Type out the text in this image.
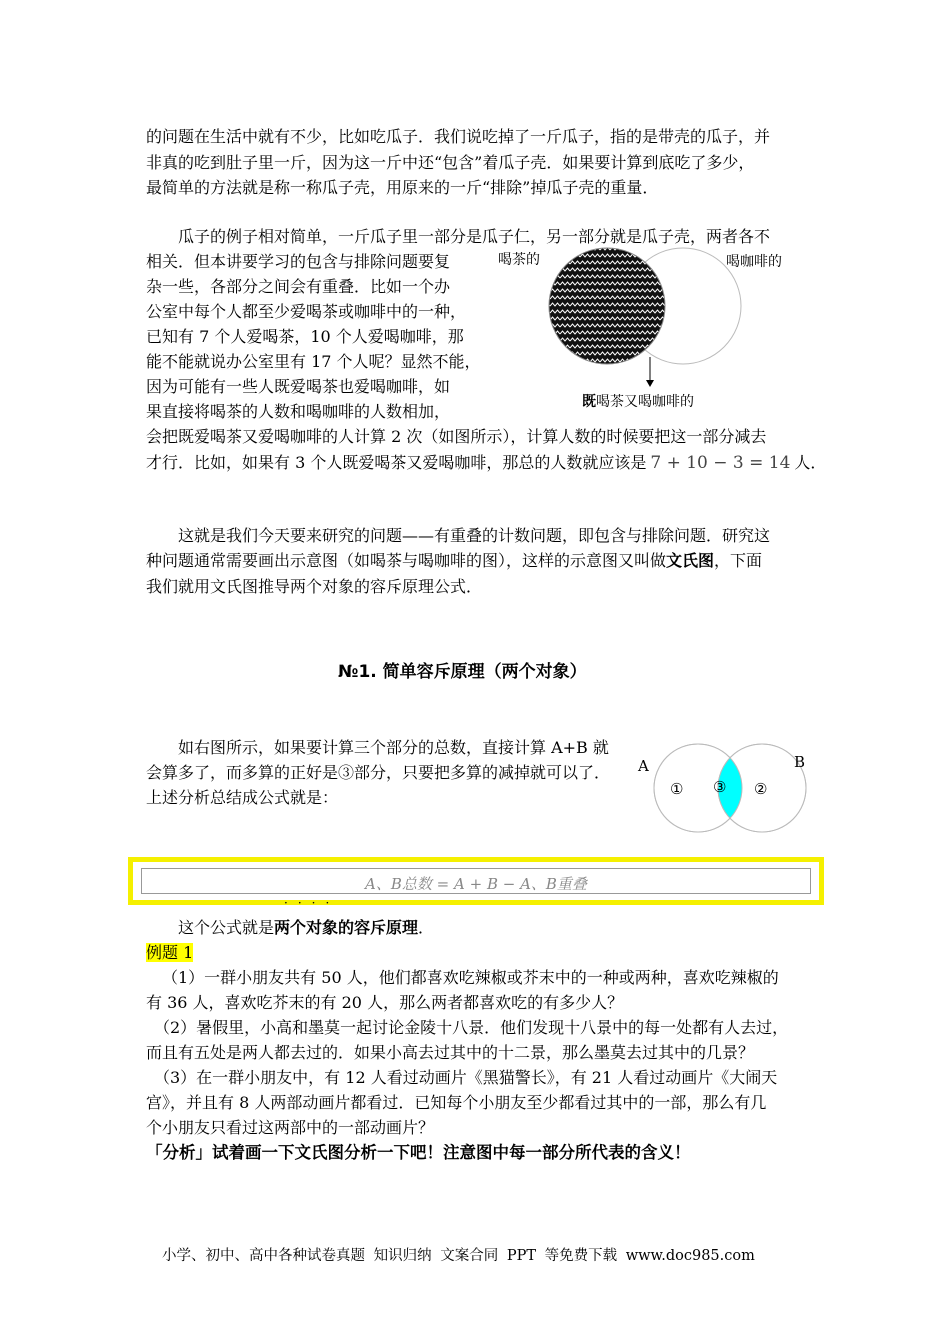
的问题在生活中就有不少，比如吃瓜子．我们说吃掉了一斤瓜子，指的是带壳的瓜子，并

非真的吃到肚子里一斤，因为这一斤中还“包含”着瓜子壳．如果要计算到底吃了多少，

最简单的方法就是称一称瓜子壳，用原来的一斤“排除”掉瓜子壳的重量．

瓜子的例子相对简单，一斤瓜子里一部分是瓜子仁，另一部分就是瓜子壳，两者各不

相关．但本讲要学习的包含与排除问题要复

杂一些，各部分之间会有重叠．比如一个办

公室中每个人都至少爱喝茶或咖啡中的一种，

已知有 7 个人爱喝茶，10 个人爱喝咖啡，那

能不能就说办公室里有 17 个人呢？显然不能，

因为可能有一些人既爱喝茶也爱喝咖啡，如

果直接将喝茶的人数和喝咖啡的人数相加，

会把既爱喝茶又爱喝咖啡的人计算 2 次（如图所示），计算人数的时候要把这一部分减去

才行．比如，如果有 3 个人既爱喝茶又爱喝咖啡，那总的人数就应该是 7 + 10 − 3 = 14 人．

喝茶的	喝咖啡的
既喝茶又喝咖啡的

这就是我们今天要来研究的问题——有重叠的计数问题，即包含与排除问题．研究这

种问题通常需要画出示意图（如喝茶与喝咖啡的图），这样的示意图又叫做文氏图，下面

我们就用文氏图推导两个对象的容斥原理公式．

№1. 简单容斥原理（两个对象）

如右图所示，如果要计算三个部分的总数，直接计算 A+B 就

会算多了，而多算的正好是③部分，只要把多算的减掉就可以了．

上述分析总结成公式就是：

A	B
① ③ ②
A、B总数 = A + B − A、B重叠
····

这个公式就是两个对象的容斥原理．

例题 1

（1）一群小朋友共有 50 人，他们都喜欢吃辣椒或芥末中的一种或两种，喜欢吃辣椒的

有 36 人，喜欢吃芥末的有 20 人，那么两者都喜欢吃的有多少人？

（2）暑假里，小高和墨莫一起讨论金陵十八景．他们发现十八景中的每一处都有人去过，

而且有五处是两人都去过的．如果小高去过其中的十二景，那么墨莫去过其中的几景？

（3）在一群小朋友中，有 12 人看过动画片《黑猫警长》，有 21 人看过动画片《大闹天

宫》，并且有 8 人两部动画片都看过．已知每个小朋友至少都看过其中的一部，那么有几

个小朋友只看过这两部中的一部动画片？

「分析」试着画一下文氏图分析一下吧！注意图中每一部分所代表的含义！

小学、初中、高中各种试卷真题 知识归纳 文案合同 PPT 等免费下载 www.doc985.com
